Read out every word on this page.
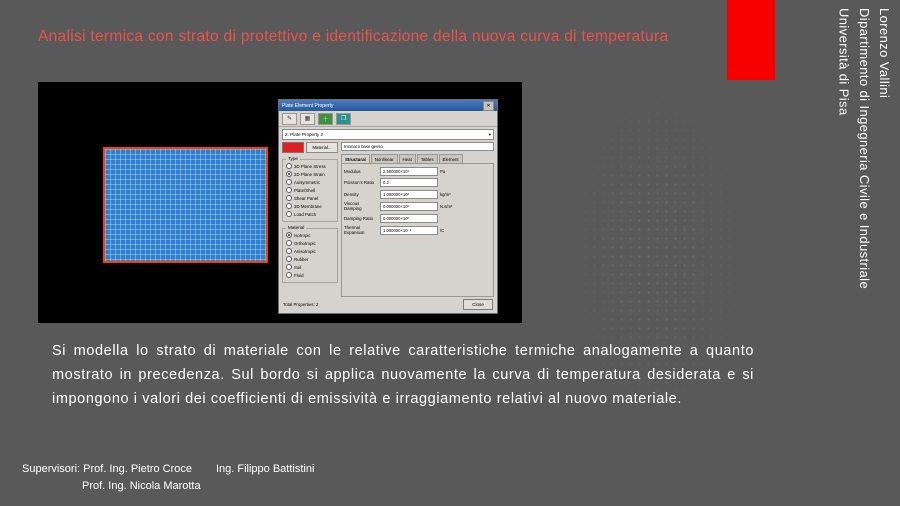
Analisi termica con strato di protettivo e identificazione della nuova curva di temperatura	Lorenzo Vallini
Dipartimento di Ingegneria Civile e Industriale
Università di Pisa
Plate Element Property	✕
✎	▦	＋	❐
2: Plate Property 2	▾
Material...
Type
3D Plane Stress
2D Plane Strain
Axisymmetric
Plate/Shell
Shear Panel
3D Membrane
Load Patch
Material
Isotropic
Orthotropic
Anisotropic
Rubber
Soil
Fluid
Intonaco base gesso
Structural	Nonlinear	Heat	Tables	Element
Modulus	2.500000×10⁹	Pa
Poisson's Ratio	0.2
Density	1.000000×10³	kg/m³
Viscous Damping	0.000000×10⁰	N.s/m³
Damping Ratio	0.000000×10⁰
Thermal Expansion	1.000000×10⁻⁵	/C
Total Properties: 2	Close
Si modella lo strato di materiale con le relative caratteristiche termiche analogamente a quanto mostrato in precedenza. Sul bordo si applica nuovamente la curva di temperatura desiderata e si impongono i valori dei coefficienti di emissività e irraggiamento relativi al nuovo materiale.
Supervisori: Prof. Ing. Pietro Croce Ing. Filippo Battistini
Prof. Ing. Nicola Marotta
